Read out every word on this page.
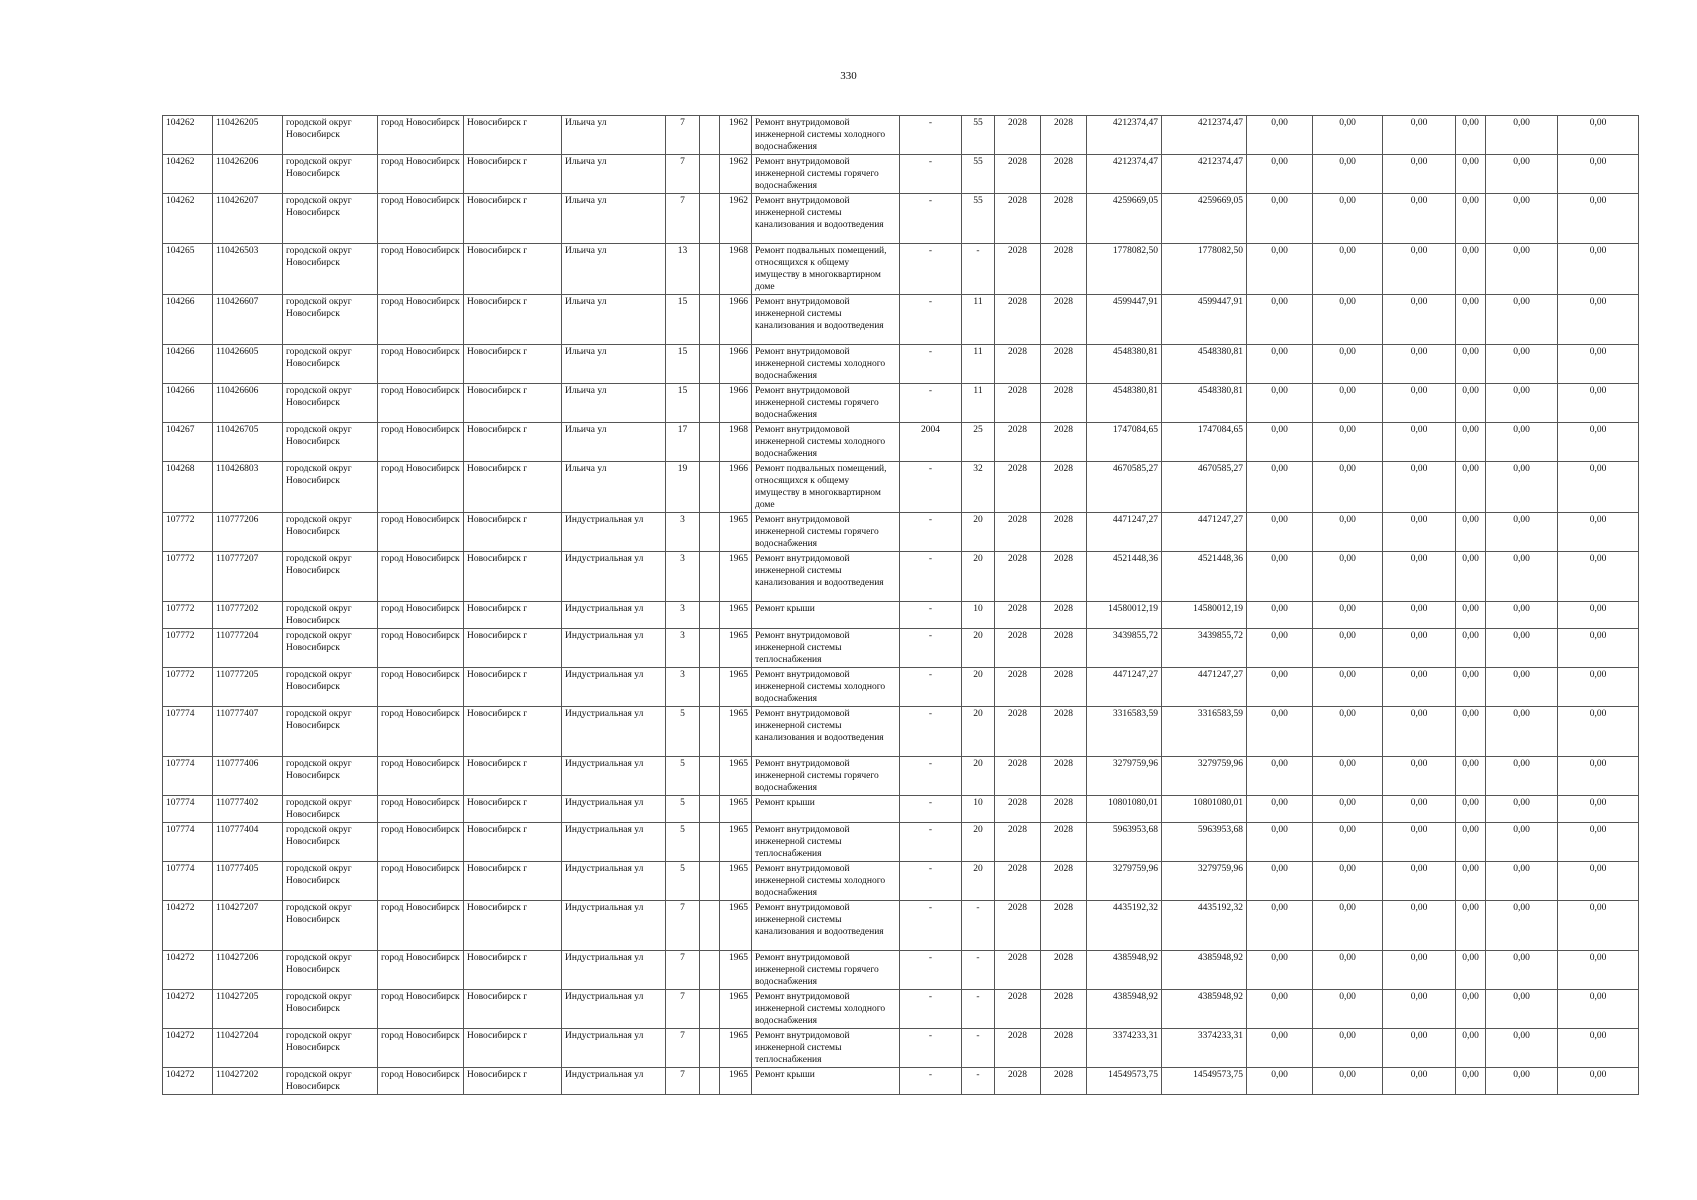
330
104262	110426205	городской округ Новосибирск	город Новосибирск	Новосибирск г	Ильича ул	7		1962	Ремонт внутридомовой инженерной системы холодного водоснабжения	-	55	2028	2028	4212374,47	4212374,47	0,00	0,00	0,00	0,00	0,00	0,00
104262	110426206	городской округ Новосибирск	город Новосибирск	Новосибирск г	Ильича ул	7		1962	Ремонт внутридомовой инженерной системы горячего водоснабжения	-	55	2028	2028	4212374,47	4212374,47	0,00	0,00	0,00	0,00	0,00	0,00
104262	110426207	городской округ Новосибирск	город Новосибирск	Новосибирск г	Ильича ул	7		1962	Ремонт внутридомовой инженерной системы канализования и водоотведения	-	55	2028	2028	4259669,05	4259669,05	0,00	0,00	0,00	0,00	0,00	0,00
104265	110426503	городской округ Новосибирск	город Новосибирск	Новосибирск г	Ильича ул	13		1968	Ремонт подвальных помещений, относящихся к общему имуществу в многоквартирном доме	-	-	2028	2028	1778082,50	1778082,50	0,00	0,00	0,00	0,00	0,00	0,00
104266	110426607	городской округ Новосибирск	город Новосибирск	Новосибирск г	Ильича ул	15		1966	Ремонт внутридомовой инженерной системы канализования и водоотведения	-	11	2028	2028	4599447,91	4599447,91	0,00	0,00	0,00	0,00	0,00	0,00
104266	110426605	городской округ Новосибирск	город Новосибирск	Новосибирск г	Ильича ул	15		1966	Ремонт внутридомовой инженерной системы холодного водоснабжения	-	11	2028	2028	4548380,81	4548380,81	0,00	0,00	0,00	0,00	0,00	0,00
104266	110426606	городской округ Новосибирск	город Новосибирск	Новосибирск г	Ильича ул	15		1966	Ремонт внутридомовой инженерной системы горячего водоснабжения	-	11	2028	2028	4548380,81	4548380,81	0,00	0,00	0,00	0,00	0,00	0,00
104267	110426705	городской округ Новосибирск	город Новосибирск	Новосибирск г	Ильича ул	17		1968	Ремонт внутридомовой инженерной системы холодного водоснабжения	2004	25	2028	2028	1747084,65	1747084,65	0,00	0,00	0,00	0,00	0,00	0,00
104268	110426803	городской округ Новосибирск	город Новосибирск	Новосибирск г	Ильича ул	19		1966	Ремонт подвальных помещений, относящихся к общему имуществу в многоквартирном доме	-	32	2028	2028	4670585,27	4670585,27	0,00	0,00	0,00	0,00	0,00	0,00
107772	110777206	городской округ Новосибирск	город Новосибирск	Новосибирск г	Индустриальная ул	3		1965	Ремонт внутридомовой инженерной системы горячего водоснабжения	-	20	2028	2028	4471247,27	4471247,27	0,00	0,00	0,00	0,00	0,00	0,00
107772	110777207	городской округ Новосибирск	город Новосибирск	Новосибирск г	Индустриальная ул	3		1965	Ремонт внутридомовой инженерной системы канализования и водоотведения	-	20	2028	2028	4521448,36	4521448,36	0,00	0,00	0,00	0,00	0,00	0,00
107772	110777202	городской округ Новосибирск	город Новосибирск	Новосибирск г	Индустриальная ул	3		1965	Ремонт крыши	-	10	2028	2028	14580012,19	14580012,19	0,00	0,00	0,00	0,00	0,00	0,00
107772	110777204	городской округ Новосибирск	город Новосибирск	Новосибирск г	Индустриальная ул	3		1965	Ремонт внутридомовой инженерной системы теплоснабжения	-	20	2028	2028	3439855,72	3439855,72	0,00	0,00	0,00	0,00	0,00	0,00
107772	110777205	городской округ Новосибирск	город Новосибирск	Новосибирск г	Индустриальная ул	3		1965	Ремонт внутридомовой инженерной системы холодного водоснабжения	-	20	2028	2028	4471247,27	4471247,27	0,00	0,00	0,00	0,00	0,00	0,00
107774	110777407	городской округ Новосибирск	город Новосибирск	Новосибирск г	Индустриальная ул	5		1965	Ремонт внутридомовой инженерной системы канализования и водоотведения	-	20	2028	2028	3316583,59	3316583,59	0,00	0,00	0,00	0,00	0,00	0,00
107774	110777406	городской округ Новосибирск	город Новосибирск	Новосибирск г	Индустриальная ул	5		1965	Ремонт внутридомовой инженерной системы горячего водоснабжения	-	20	2028	2028	3279759,96	3279759,96	0,00	0,00	0,00	0,00	0,00	0,00
107774	110777402	городской округ Новосибирск	город Новосибирск	Новосибирск г	Индустриальная ул	5		1965	Ремонт крыши	-	10	2028	2028	10801080,01	10801080,01	0,00	0,00	0,00	0,00	0,00	0,00
107774	110777404	городской округ Новосибирск	город Новосибирск	Новосибирск г	Индустриальная ул	5		1965	Ремонт внутридомовой инженерной системы теплоснабжения	-	20	2028	2028	5963953,68	5963953,68	0,00	0,00	0,00	0,00	0,00	0,00
107774	110777405	городской округ Новосибирск	город Новосибирск	Новосибирск г	Индустриальная ул	5		1965	Ремонт внутридомовой инженерной системы холодного водоснабжения	-	20	2028	2028	3279759,96	3279759,96	0,00	0,00	0,00	0,00	0,00	0,00
104272	110427207	городской округ Новосибирск	город Новосибирск	Новосибирск г	Индустриальная ул	7		1965	Ремонт внутридомовой инженерной системы канализования и водоотведения	-	-	2028	2028	4435192,32	4435192,32	0,00	0,00	0,00	0,00	0,00	0,00
104272	110427206	городской округ Новосибирск	город Новосибирск	Новосибирск г	Индустриальная ул	7		1965	Ремонт внутридомовой инженерной системы горячего водоснабжения	-	-	2028	2028	4385948,92	4385948,92	0,00	0,00	0,00	0,00	0,00	0,00
104272	110427205	городской округ Новосибирск	город Новосибирск	Новосибирск г	Индустриальная ул	7		1965	Ремонт внутридомовой инженерной системы холодного водоснабжения	-	-	2028	2028	4385948,92	4385948,92	0,00	0,00	0,00	0,00	0,00	0,00
104272	110427204	городской округ Новосибирск	город Новосибирск	Новосибирск г	Индустриальная ул	7		1965	Ремонт внутридомовой инженерной системы теплоснабжения	-	-	2028	2028	3374233,31	3374233,31	0,00	0,00	0,00	0,00	0,00	0,00
104272	110427202	городской округ Новосибирск	город Новосибирск	Новосибирск г	Индустриальная ул	7		1965	Ремонт крыши	-	-	2028	2028	14549573,75	14549573,75	0,00	0,00	0,00	0,00	0,00	0,00
